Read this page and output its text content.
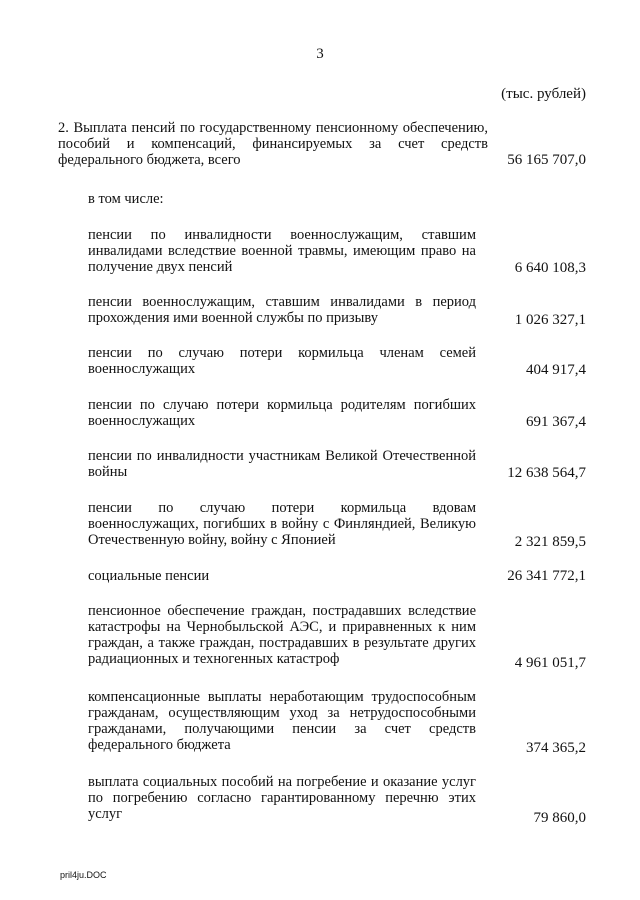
3
(тыс. рублей)
2. Выплата пенсий по государственному пенсионному обеспечению, пособий и компенсаций, финансируемых за счет средств федерального бюджета, всего	56 165 707,0
в том числе:
пенсии по инвалидности военнослужащим, ставшим инвалидами вследствие военной травмы, имеющим право на получение двух пенсий	6 640 108,3
пенсии военнослужащим, ставшим инвалидами в период прохождения ими военной службы по призыву	1 026 327,1
пенсии по случаю потери кормильца членам семей военнослужащих	404 917,4
пенсии по случаю потери кормильца родителям погибших военнослужащих	691 367,4
пенсии по инвалидности участникам Великой Отечественной войны	12 638 564,7
пенсии по случаю потери кормильца вдовам военнослужащих, погибших в войну с Финляндией, Великую Отечественную войну, войну с Японией	2 321 859,5
социальные пенсии	26 341 772,1
пенсионное обеспечение граждан, пострадавших вследствие катастрофы на Чернобыльской АЭС, и приравненных к ним граждан, а также граждан, пострадавших в результате других радиационных и техногенных катастроф	4 961 051,7
компенсационные выплаты неработающим трудоспособным гражданам, осуществляющим уход за нетрудоспособными гражданами, получающими пенсии за счет средств федерального бюджета	374 365,2
выплата социальных пособий на погребение и оказание услуг по погребению согласно гарантированному перечню этих услуг	79 860,0
pril4ju.DOC
